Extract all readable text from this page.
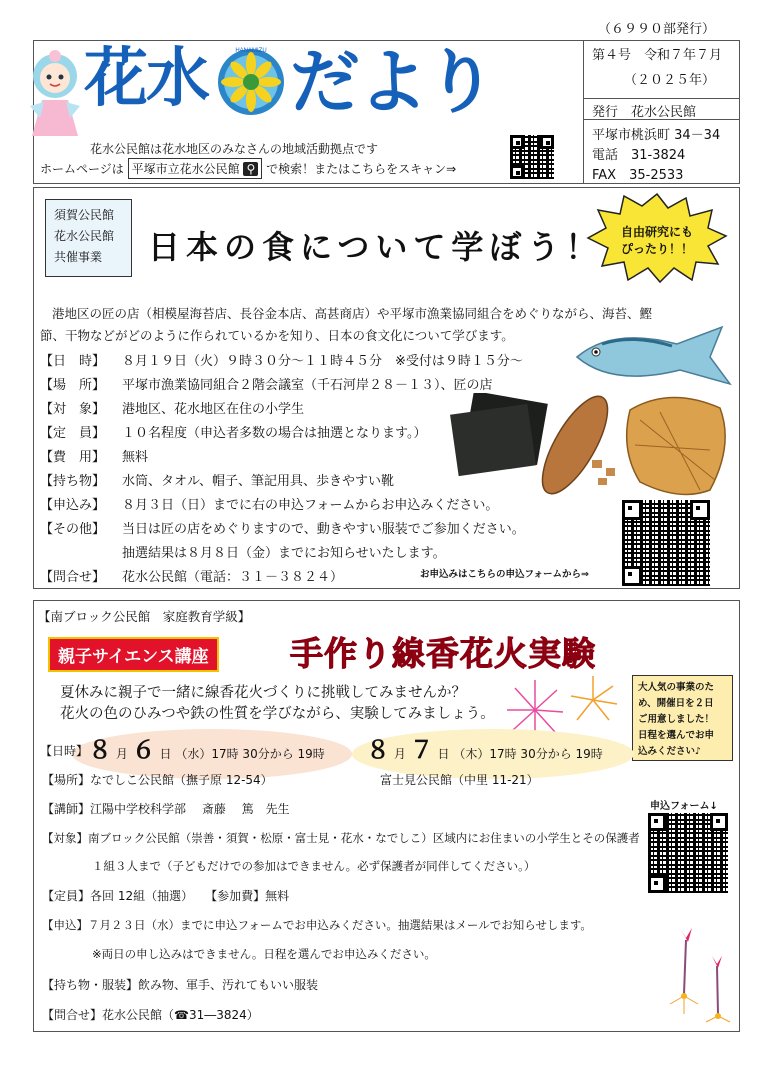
（６９９０部発行）
花水	HANAMIZU だより
花水公民館は花水地区のみなさんの地域活動拠点です
ホームページは 平塚市立花水公民館 ⚲ で検索！またはこちらをスキャン⇒
第４号　令和７年７月
（２０２５年）
発行　花水公民館
平塚市桃浜町 34－34
電話　31-3824
FAX　35-2533
須賀公民館
花水公民館
共催事業	日本の食について学ぼう！ 自由研究にも
ぴったり！！
港地区の匠の店（相模屋海苔店、長谷金本店、高甚商店）や平塚市漁業協同組合をめぐりながら、海苔、鰹
節、干物などがどのように作られているかを知り、日本の食文化について学びます。
【日　時】 ８月１９日（火）９時３０分～１１時４５分　※受付は９時１５分～
【場　所】 平塚市漁業協同組合２階会議室（千石河岸２８－１３）、匠の店
【対　象】 港地区、花水地区在住の小学生
【定　員】 １０名程度（申込者多数の場合は抽選となります。）
【費　用】 無料
【持ち物】 水筒、タオル、帽子、筆記用具、歩きやすい靴
【申込み】 ８月３日（日）までに右の申込フォームからお申込みください。
【その他】 当日は匠の店をめぐりますので、動きやすい服装でご参加ください。
抽選結果は８月８日（金）までにお知らせいたします。
【問合せ】 花水公民館（電話：３１－３８２４）	お申込みはこちらの申込フォームから⇒
【南ブロック公民館　家庭教育学級】
親子サイエンス講座	手作り線香花火実験
夏休みに親子で一緒に線香花火づくりに挑戦してみませんか？
花火の色のひみつや鉄の性質を学びながら、実験してみましょう。
大人気の事業のた
め、開催日を２日
ご用意しました！
日程を選んでお申
込みください♪
【日時】 ８ 月 ６ 日 （水）17時 30分から 19時 ８ 月 ７ 日 （木）17時 30分から 19時
【場所】 なでしこ公民館（撫子原 12-54）	富士見公民館（中里 11-21）
【講師】江陽中学校科学部　 斎藤　 篤　先生	申込フォーム↓
【対象】南ブロック公民館（崇善・須賀・松原・富士見・花水・なでしこ）区域内にお住まいの小学生とその保護者
１組３人まで（子どもだけでの参加はできません。必ず保護者が同伴してください。）
【定員】各回 12組（抽選）　　【参加費】無料
【申込】７月２３日（水）までに申込フォームでお申込みください。抽選結果はメールでお知らせします。
※両日の申し込みはできません。日程を選んでお申込みください。
【持ち物・服装】飲み物、軍手、汚れてもいい服装
【問合せ】花水公民館（☎31―3824）
